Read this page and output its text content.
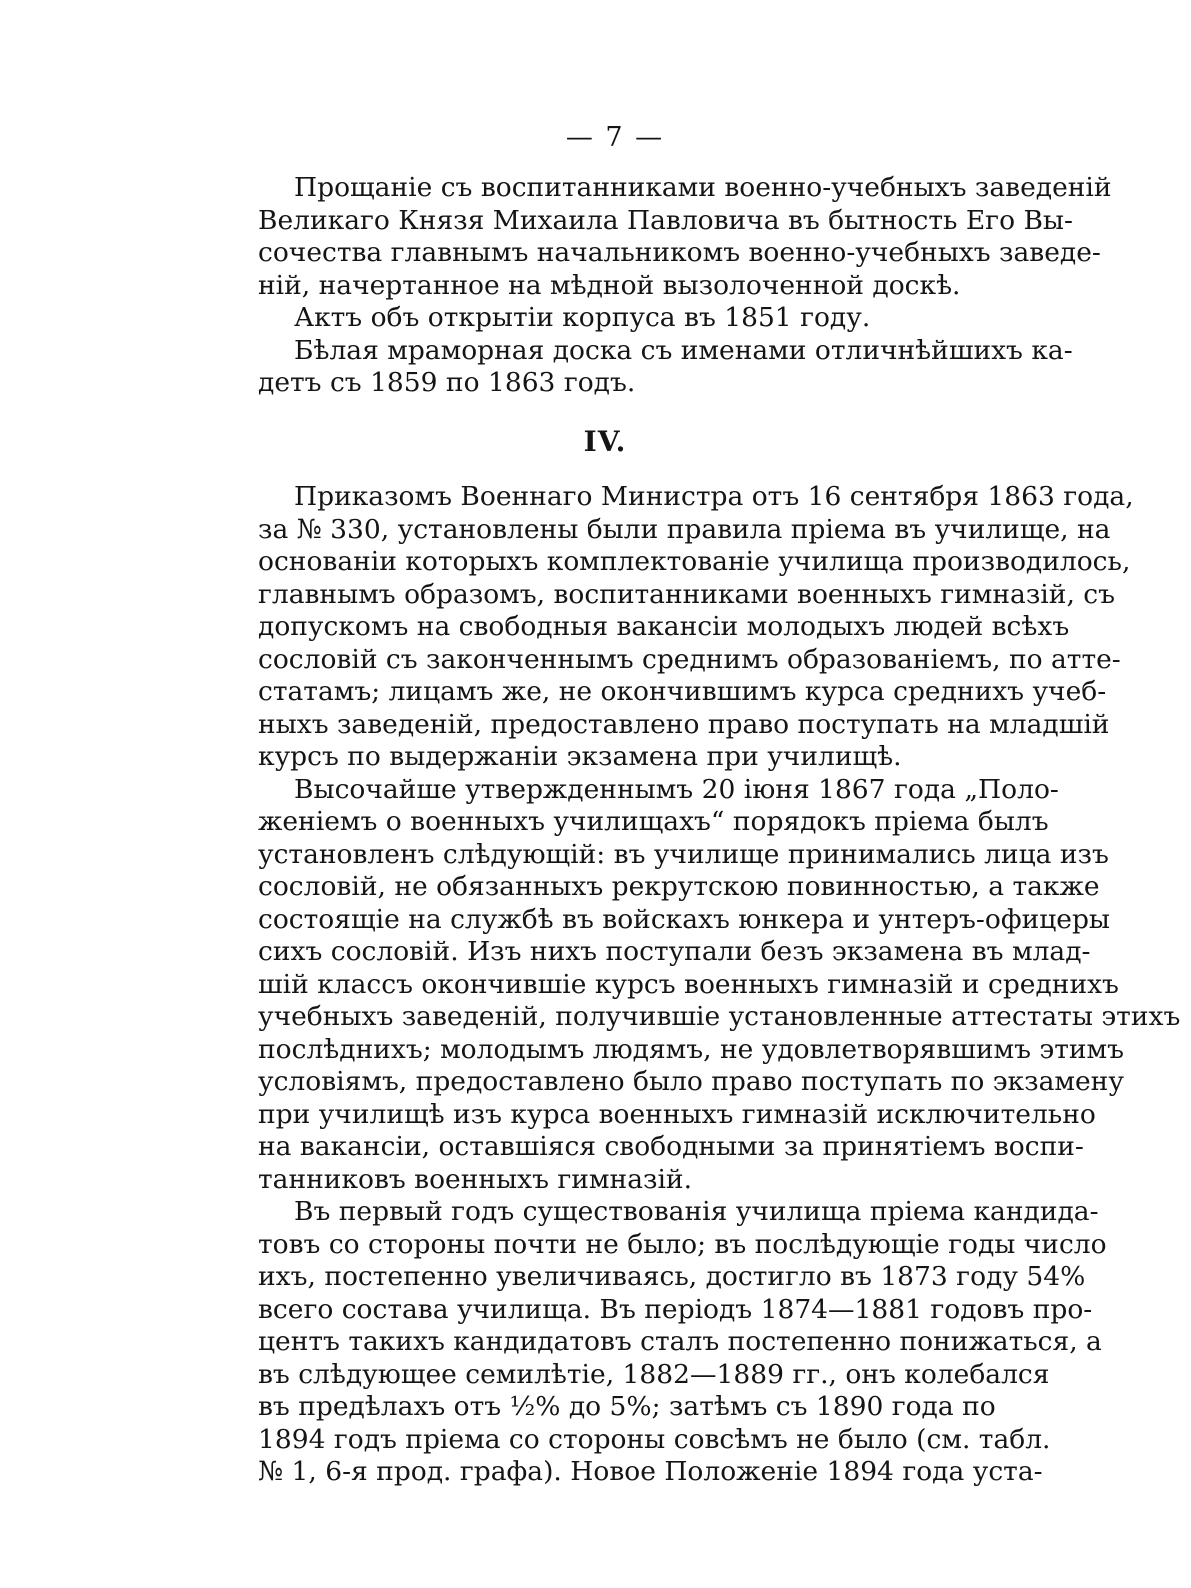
— 7 —
Прощаніе съ воспитанниками военно-учебныхъ заведеній
Великаго Князя Михаила Павловича въ бытность Его Вы-
сочества главнымъ начальникомъ военно-учебныхъ заведе-
ній, начертанное на мѣдной вызолоченной доскѣ.
Актъ объ открытіи корпуса въ 1851 году.
Бѣлая мраморная доска съ именами отличнѣйшихъ ка-
детъ съ 1859 по 1863 годъ.
IV.
Приказомъ Военнаго Министра отъ 16 сентября 1863 года,
за № 330, установлены были правила пріема въ училище, на
основаніи которыхъ комплектованіе училища производилось,
главнымъ образомъ, воспитанниками военныхъ гимназій, съ
допускомъ на свободныя вакансіи молодыхъ людей всѣхъ
сословій съ законченнымъ среднимъ образованіемъ, по атте-
статамъ; лицамъ же, не окончившимъ курса среднихъ учеб-
ныхъ заведеній, предоставлено право поступать на младшій
курсъ по выдержаніи экзамена при училищѣ.
Высочайше утвержденнымъ 20 іюня 1867 года „Поло-
женіемъ о военныхъ училищахъ“ порядокъ пріема былъ
установленъ слѣдующій: въ училище принимались лица изъ
сословій, не обязанныхъ рекрутскою повинностью, а также
состоящіе на службѣ въ войскахъ юнкера и унтеръ-офицеры
сихъ сословій. Изъ нихъ поступали безъ экзамена въ млад-
шій классъ окончившіе курсъ военныхъ гимназій и среднихъ
учебныхъ заведеній, получившіе установленные аттестаты этихъ
послѣднихъ; молодымъ людямъ, не удовлетворявшимъ этимъ
условіямъ, предоставлено было право поступать по экзамену
при училищѣ изъ курса военныхъ гимназій исключительно
на вакансіи, оставшіяся свободными за принятіемъ воспи-
танниковъ военныхъ гимназій.
Въ первый годъ существованія училища пріема кандида-
товъ со стороны почти не было; въ послѣдующіе годы число
ихъ, постепенно увеличиваясь, достигло въ 1873 году 54%
всего состава училища. Въ періодъ 1874—1881 годовъ про-
центъ такихъ кандидатовъ сталъ постепенно понижаться, а
въ слѣдующее семилѣтіе, 1882—1889 гг., онъ колебался
въ предѣлахъ отъ ½% до 5%; затѣмъ съ 1890 года по
1894 годъ пріема со стороны совсѣмъ не было (см. табл.
№ 1, 6-я прод. графа). Новое Положеніе 1894 года уста-
